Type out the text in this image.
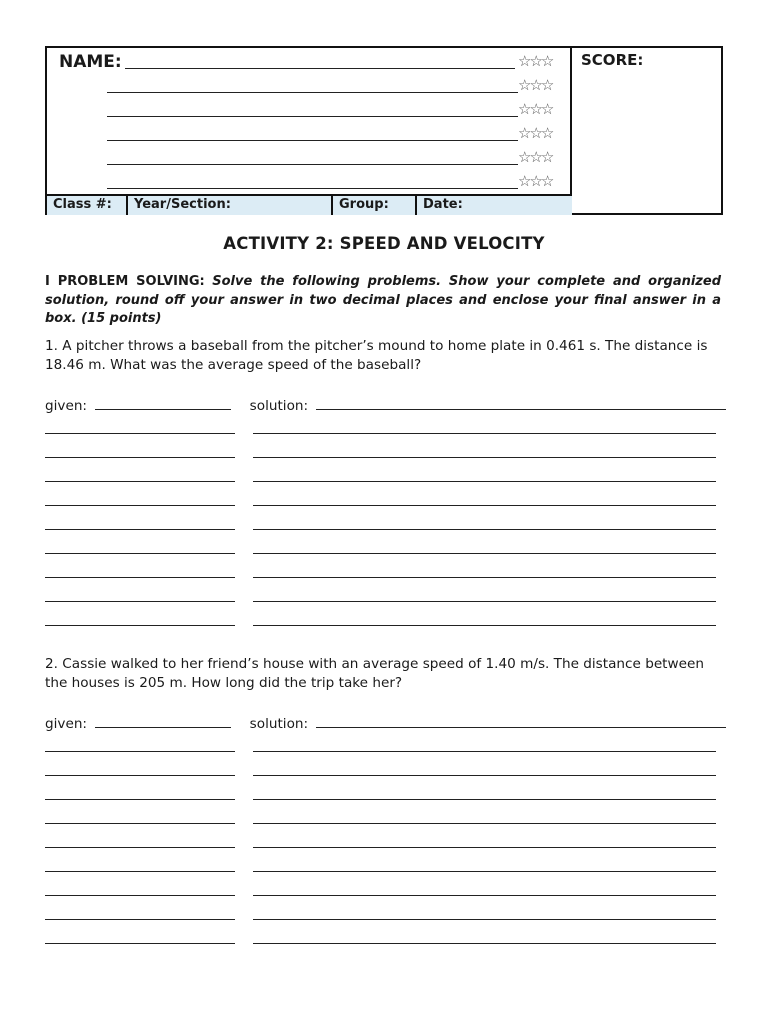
NAME:	☆☆☆
☆☆☆
☆☆☆
☆☆☆
☆☆☆
☆☆☆
SCORE:
Class #:	Year/Section:	Group:	Date:
ACTIVITY 2: SPEED AND VELOCITY
I PROBLEM SOLVING: Solve the following problems. Show your complete and organized solution, round off your answer in two decimal places and enclose your final answer in a box. (15 points)
1. A pitcher throws a baseball from the pitcher’s mound to home plate in 0.461 s. The distance is 18.46 m. What was the average speed of the baseball?
given:	solution:
2. Cassie walked to her friend’s house with an average speed of 1.40 m/s. The distance between the houses is 205 m. How long did the trip take her?
given:	solution:
